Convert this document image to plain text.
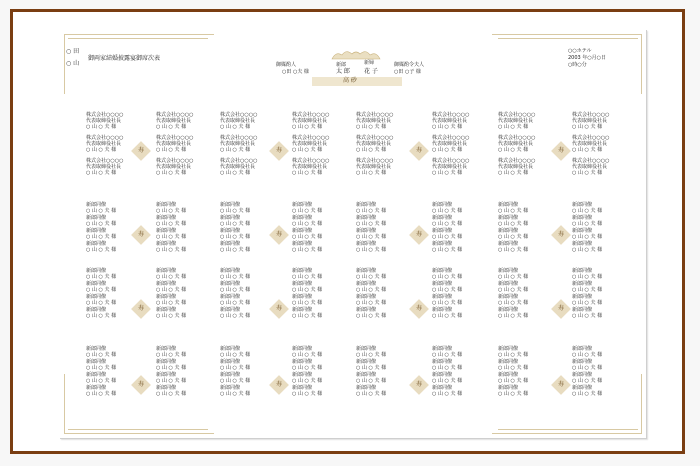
○ 田
○ 山
御両家結婚披露宴御席次表
○○ホテル
2003 年○月○日
○時○分
御媒酌人
○田 ○夫 様
新郎
太 郎
新婦
花 子
御媒酌令夫人
○田 ○子 様
高 砂
株式会社○○○○
代表取締役社長
○ 山 ○ 夫 様
株式会社○○○○
代表取締役社長
○ 山 ○ 夫 様
株式会社○○○○
代表取締役社長
○ 山 ○ 夫 様
株式会社○○○○
代表取締役社長
○ 山 ○ 夫 様
株式会社○○○○
代表取締役社長
○ 山 ○ 夫 様
株式会社○○○○
代表取締役社長
○ 山 ○ 夫 様
株式会社○○○○
代表取締役社長
○ 山 ○ 夫 様
株式会社○○○○
代表取締役社長
○ 山 ○ 夫 様
株式会社○○○○
代表取締役社長
○ 山 ○ 夫 様
株式会社○○○○
代表取締役社長
○ 山 ○ 夫 様
株式会社○○○○
代表取締役社長
○ 山 ○ 夫 様
株式会社○○○○
代表取締役社長
○ 山 ○ 夫 様
株式会社○○○○
代表取締役社長
○ 山 ○ 夫 様
株式会社○○○○
代表取締役社長
○ 山 ○ 夫 様
株式会社○○○○
代表取締役社長
○ 山 ○ 夫 様
株式会社○○○○
代表取締役社長
○ 山 ○ 夫 様
株式会社○○○○
代表取締役社長
○ 山 ○ 夫 様
株式会社○○○○
代表取締役社長
○ 山 ○ 夫 様
株式会社○○○○
代表取締役社長
○ 山 ○ 夫 様
株式会社○○○○
代表取締役社長
○ 山 ○ 夫 様
株式会社○○○○
代表取締役社長
○ 山 ○ 夫 様
株式会社○○○○
代表取締役社長
○ 山 ○ 夫 様
株式会社○○○○
代表取締役社長
○ 山 ○ 夫 様
株式会社○○○○
代表取締役社長
○ 山 ○ 夫 様
新郎同僚
○ 山 ○ 夫 様
新郎同僚
○ 山 ○ 夫 様
新郎同僚
○ 山 ○ 夫 様
新郎同僚
○ 山 ○ 夫 様
新郎同僚
○ 山 ○ 夫 様
新郎同僚
○ 山 ○ 夫 様
新郎同僚
○ 山 ○ 夫 様
新郎同僚
○ 山 ○ 夫 様
新郎同僚
○ 山 ○ 夫 様
新郎同僚
○ 山 ○ 夫 様
新郎同僚
○ 山 ○ 夫 様
新郎同僚
○ 山 ○ 夫 様
新郎同僚
○ 山 ○ 夫 様
新郎同僚
○ 山 ○ 夫 様
新郎同僚
○ 山 ○ 夫 様
新郎同僚
○ 山 ○ 夫 様
新郎同僚
○ 山 ○ 夫 様
新郎同僚
○ 山 ○ 夫 様
新郎同僚
○ 山 ○ 夫 様
新郎同僚
○ 山 ○ 夫 様
新郎同僚
○ 山 ○ 夫 様
新郎同僚
○ 山 ○ 夫 様
新郎同僚
○ 山 ○ 夫 様
新郎同僚
○ 山 ○ 夫 様
新郎同僚
○ 山 ○ 夫 様
新郎同僚
○ 山 ○ 夫 様
新郎同僚
○ 山 ○ 夫 様
新郎同僚
○ 山 ○ 夫 様
新郎同僚
○ 山 ○ 夫 様
新郎同僚
○ 山 ○ 夫 様
新郎同僚
○ 山 ○ 夫 様
新郎同僚
○ 山 ○ 夫 様
新郎同僚
○ 山 ○ 夫 様
新郎同僚
○ 山 ○ 夫 様
新郎同僚
○ 山 ○ 夫 様
新郎同僚
○ 山 ○ 夫 様
新郎同僚
○ 山 ○ 夫 様
新郎同僚
○ 山 ○ 夫 様
新郎同僚
○ 山 ○ 夫 様
新郎同僚
○ 山 ○ 夫 様
新郎同僚
○ 山 ○ 夫 様
新郎同僚
○ 山 ○ 夫 様
新郎同僚
○ 山 ○ 夫 様
新郎同僚
○ 山 ○ 夫 様
新郎同僚
○ 山 ○ 夫 様
新郎同僚
○ 山 ○ 夫 様
新郎同僚
○ 山 ○ 夫 様
新郎同僚
○ 山 ○ 夫 様
新郎同僚
○ 山 ○ 夫 様
新郎同僚
○ 山 ○ 夫 様
新郎同僚
○ 山 ○ 夫 様
新郎同僚
○ 山 ○ 夫 様
新郎同僚
○ 山 ○ 夫 様
新郎同僚
○ 山 ○ 夫 様
新郎同僚
○ 山 ○ 夫 様
新郎同僚
○ 山 ○ 夫 様
新郎同僚
○ 山 ○ 夫 様
新郎同僚
○ 山 ○ 夫 様
新郎同僚
○ 山 ○ 夫 様
新郎同僚
○ 山 ○ 夫 様
新郎同僚
○ 山 ○ 夫 様
新郎同僚
○ 山 ○ 夫 様
新郎同僚
○ 山 ○ 夫 様
新郎同僚
○ 山 ○ 夫 様
新郎同僚
○ 山 ○ 夫 様
新郎同僚
○ 山 ○ 夫 様
新郎同僚
○ 山 ○ 夫 様
新郎同僚
○ 山 ○ 夫 様
新郎同僚
○ 山 ○ 夫 様
新郎同僚
○ 山 ○ 夫 様
新郎同僚
○ 山 ○ 夫 様
新郎同僚
○ 山 ○ 夫 様
新郎同僚
○ 山 ○ 夫 様
新郎同僚
○ 山 ○ 夫 様
新郎同僚
○ 山 ○ 夫 様
新郎同僚
○ 山 ○ 夫 様
新郎同僚
○ 山 ○ 夫 様
新郎同僚
○ 山 ○ 夫 様
新郎同僚
○ 山 ○ 夫 様
新郎同僚
○ 山 ○ 夫 様
新郎同僚
○ 山 ○ 夫 様
新郎同僚
○ 山 ○ 夫 様
新郎同僚
○ 山 ○ 夫 様
新郎同僚
○ 山 ○ 夫 様
新郎同僚
○ 山 ○ 夫 様
新郎同僚
○ 山 ○ 夫 様
新郎同僚
○ 山 ○ 夫 様
新郎同僚
○ 山 ○ 夫 様
新郎同僚
○ 山 ○ 夫 様
新郎同僚
○ 山 ○ 夫 様
新郎同僚
○ 山 ○ 夫 様
新郎同僚
○ 山 ○ 夫 様
新郎同僚
○ 山 ○ 夫 様
新郎同僚
○ 山 ○ 夫 様
新郎同僚
○ 山 ○ 夫 様
新郎同僚
○ 山 ○ 夫 様
寿	寿	寿	寿
寿	寿	寿	寿
寿	寿	寿	寿
寿	寿	寿	寿
